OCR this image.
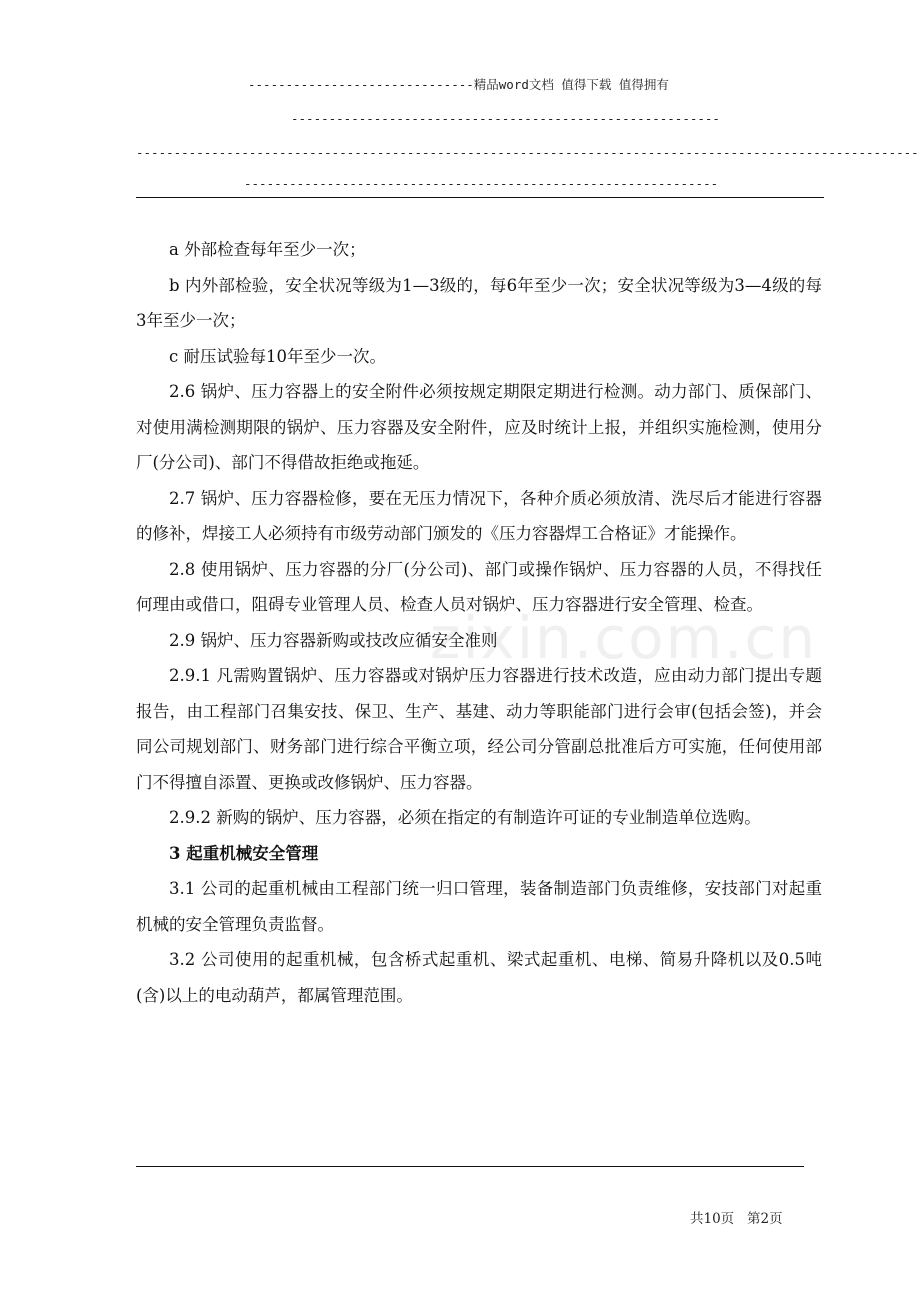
------------------------------精品word文档 值得下载 值得拥有
---------------------------------------------------------
--------------------------------------------------------------------------------------------------------
---------------------------------------------------------------
zixin.com.cn

a 外部检查每年至少一次；

b 内外部检验，安全状况等级为1—3级的，每6年至少一次；安全状况等级为3—4级的每3年至少一次；

c 耐压试验每10年至少一次。

2.6 锅炉、压力容器上的安全附件必须按规定期限定期进行检测。动力部门、质保部门、对使用满检测期限的锅炉、压力容器及安全附件，应及时统计上报，并组织实施检测，使用分厂(分公司)、部门不得借故拒绝或拖延。

2.7 锅炉、压力容器检修，要在无压力情况下，各种介质必须放清、洗尽后才能进行容器的修补，焊接工人必须持有市级劳动部门颁发的《压力容器焊工合格证》才能操作。

2.8 使用锅炉、压力容器的分厂(分公司)、部门或操作锅炉、压力容器的人员，不得找任何理由或借口，阻碍专业管理人员、检查人员对锅炉、压力容器进行安全管理、检查。

2.9 锅炉、压力容器新购或技改应循安全准则

2.9.1 凡需购置锅炉、压力容器或对锅炉压力容器进行技术改造，应由动力部门提出专题报告，由工程部门召集安技、保卫、生产、基建、动力等职能部门进行会审(包括会签)，并会同公司规划部门、财务部门进行综合平衡立项，经公司分管副总批准后方可实施，任何使用部门不得擅自添置、更换或改修锅炉、压力容器。

2.9.2 新购的锅炉、压力容器，必须在指定的有制造许可证的专业制造单位选购。

3 起重机械安全管理

3.1 公司的起重机械由工程部门统一归口管理，装备制造部门负责维修，安技部门对起重机械的安全管理负责监督。

3.2 公司使用的起重机械，包含桥式起重机、梁式起重机、电梯、简易升降机以及0.5吨(含)以上的电动葫芦，都属管理范围。

共10页   第2页
